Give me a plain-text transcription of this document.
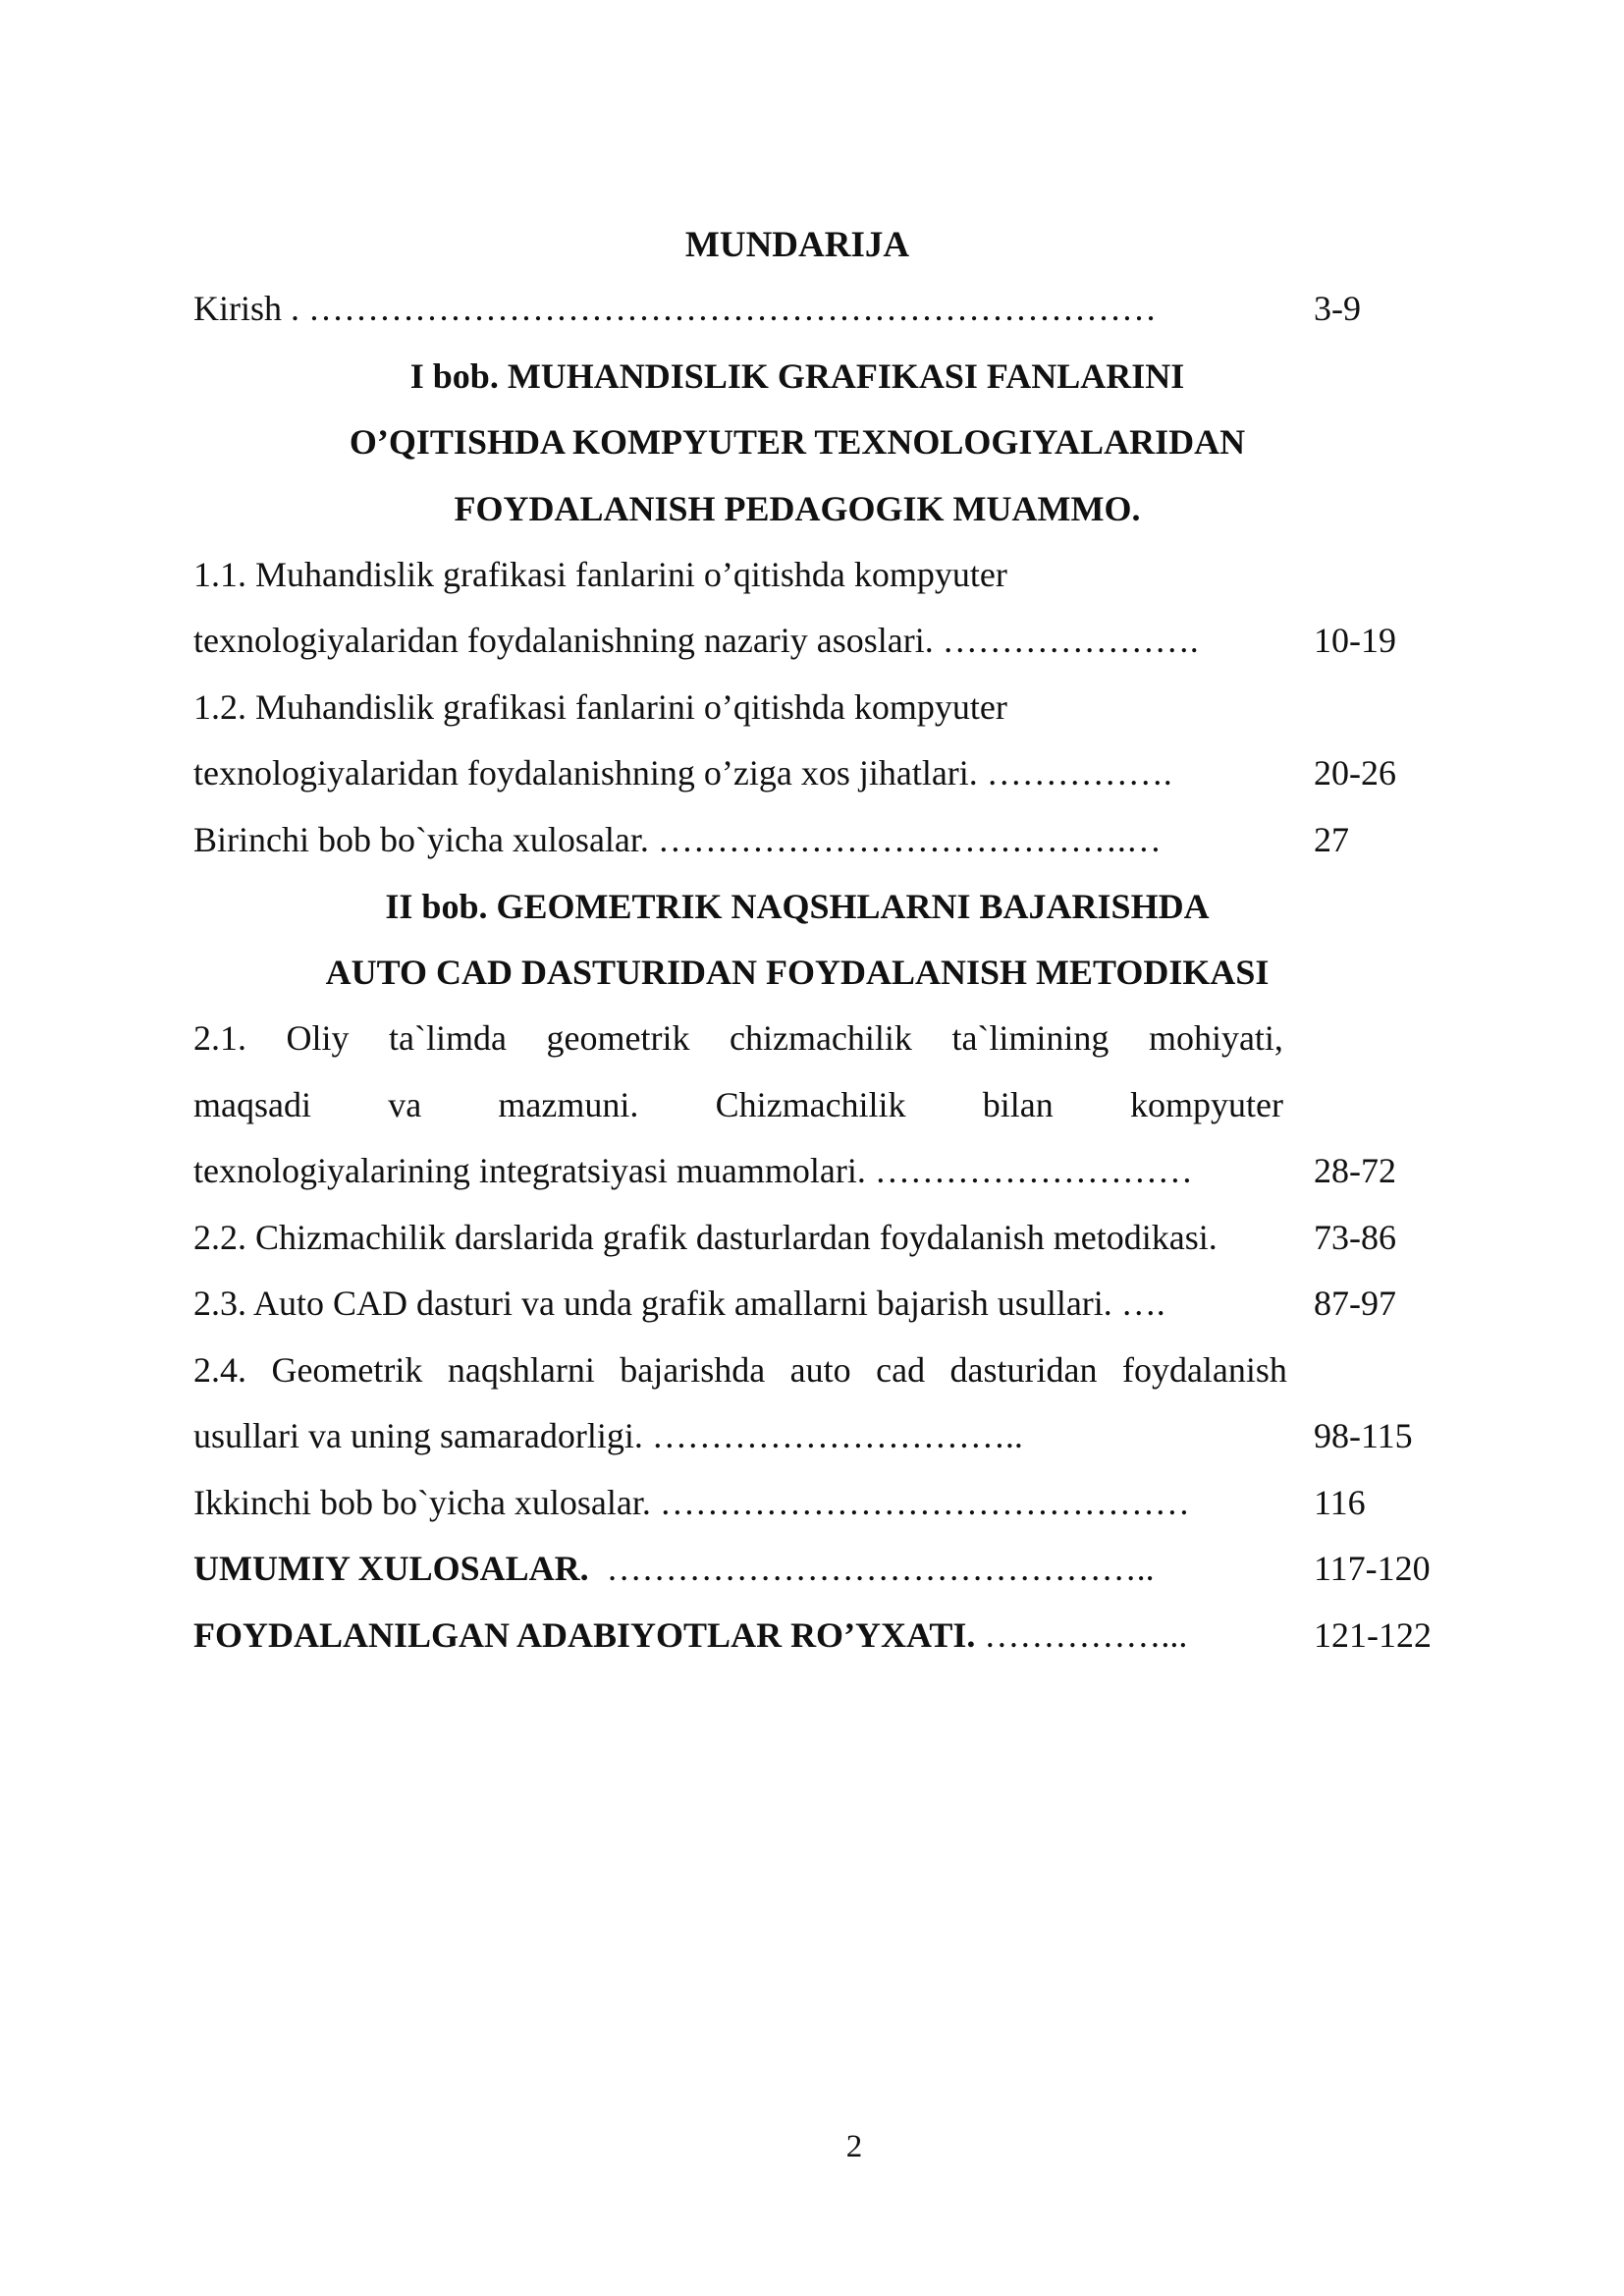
MUNDARIJA
Kirish . ………………………………………………………………	3-9
I bob. MUHANDISLIK GRAFIKASI FANLARINI
O’QITISHDA KOMPYUTER TEXNOLOGIYALARIDAN
FOYDALANISH PEDAGOGIK MUAMMO.
1.1. Muhandislik grafikasi fanlarini o’qitishda kompyuter
texnologiyalaridan foydalanishning nazariy asoslari. ………………….	10-19
1.2. Muhandislik grafikasi fanlarini o’qitishda kompyuter
texnologiyalaridan foydalanishning o’ziga xos jihatlari. …………….	20-26
Birinchi bob bo`yicha xulosalar. ………………………………….…	27
II bob. GEOMETRIK NAQSHLARNI BAJARISHDA
AUTO CAD DASTURIDAN FOYDALANISH METODIKASI
2.1. Oliy ta`limda geometrik chizmachilik ta`limining mohiyati,
maqsadi va mazmuni. Chizmachilik bilan kompyuter
texnologiyalarining integratsiyasi muammolari. ………………………	28-72
2.2. Chizmachilik darslarida grafik dasturlardan foydalanish metodikasi.	73-86
2.3. Auto CAD dasturi va unda grafik amallarni bajarish usullari. ….	87-97
2.4. Geometrik naqshlarni bajarishda auto cad dasturidan foydalanish
usullari va uning samaradorligi. …………………………..	98-115
Ikkinchi bob bo`yicha xulosalar. ………………………………………	116
UMUMIY XULOSALAR.  ………………………………………..	117-120
FOYDALANILGAN ADABIYOTLAR RO’YXATI. ……………...	121-122
2
